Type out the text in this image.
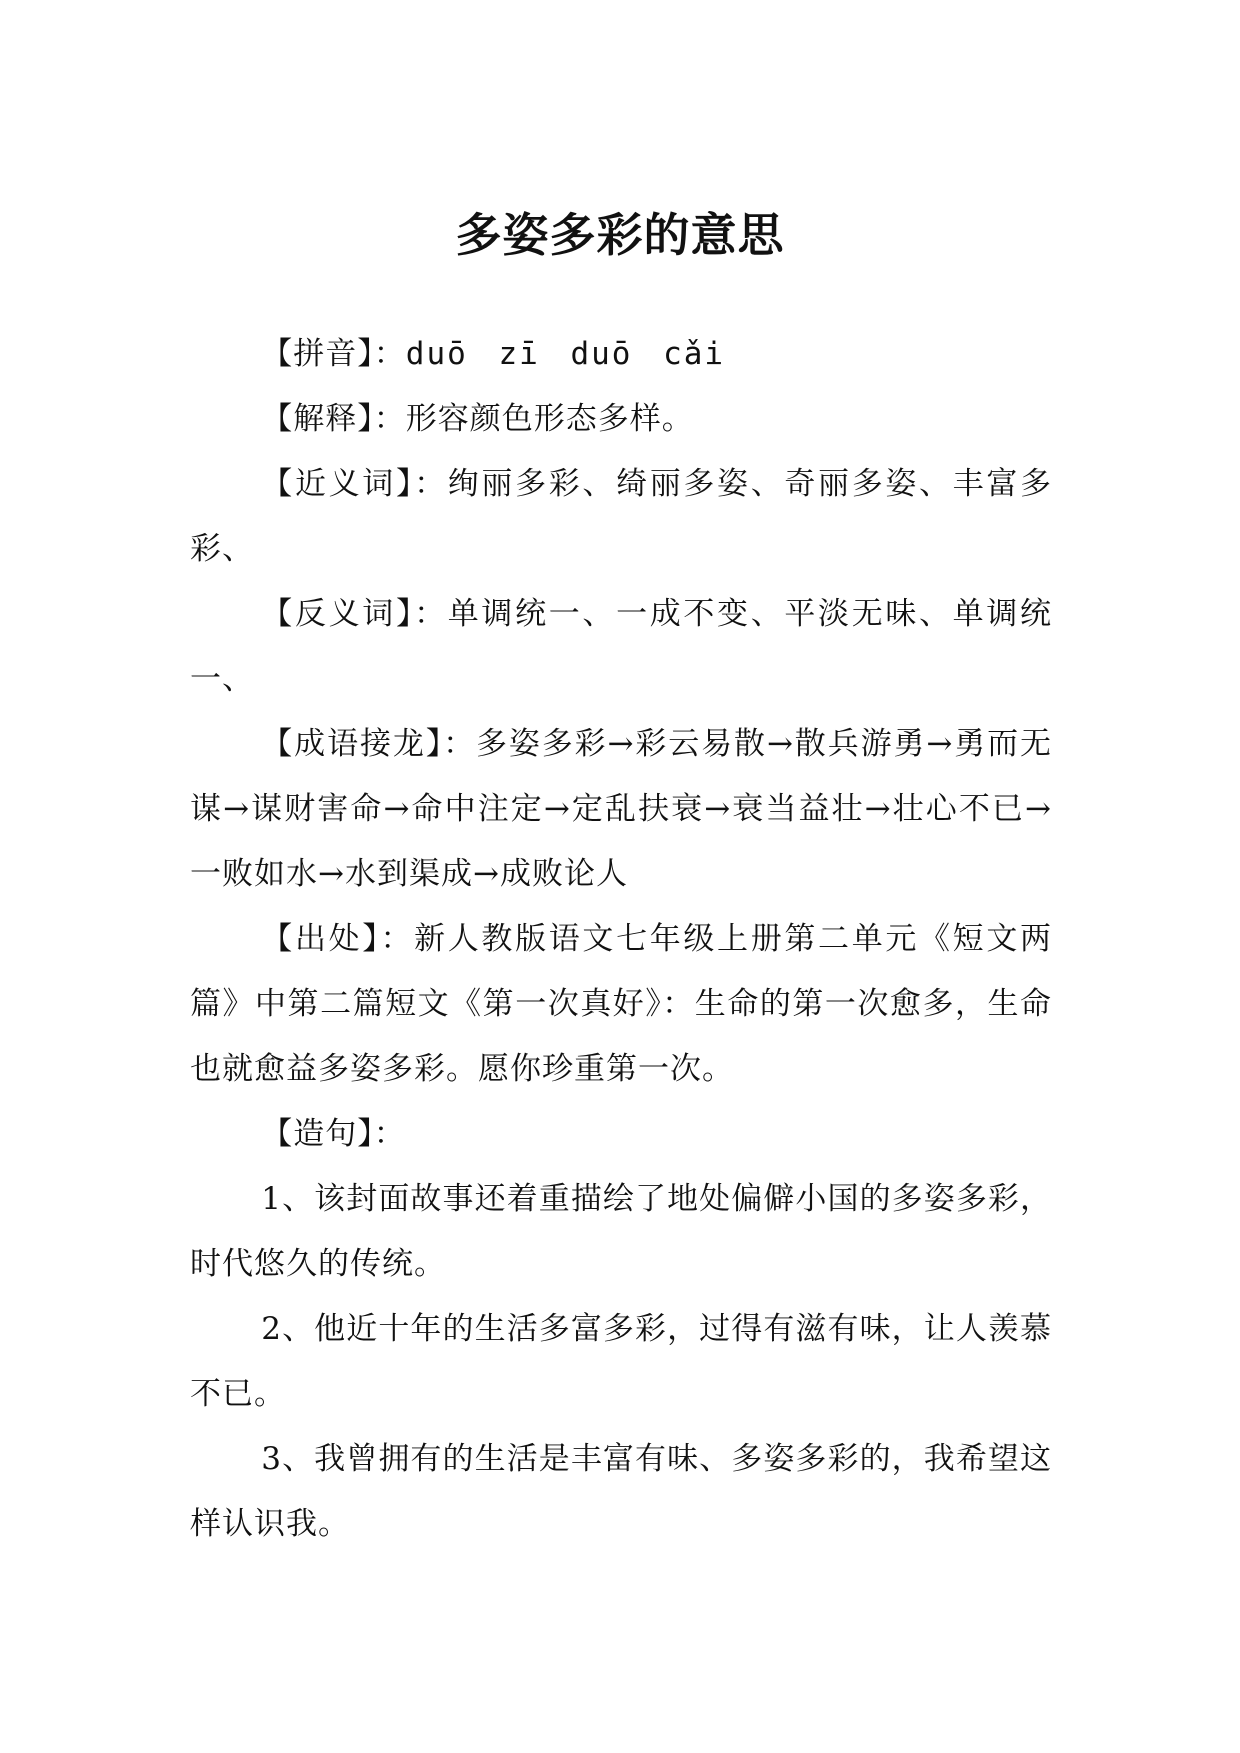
多姿多彩的意思

【拼音】：duō zī duō cǎi

【解释】：形容颜色形态多样。

【近义词】：绚丽多彩、绮丽多姿、奇丽多姿、丰富多彩、

【反义词】：单调统一、一成不变、平淡无味、单调统一、

【成语接龙】：多姿多彩→彩云易散→散兵游勇→勇而无谋→谋财害命→命中注定→定乱扶衰→衰当益壮→壮心不已→一败如水→水到渠成→成败论人

【出处】：新人教版语文七年级上册第二单元《短文两篇》中第二篇短文《第一次真好》：生命的第一次愈多，生命也就愈益多姿多彩。愿你珍重第一次。

【造句】：

1、该封面故事还着重描绘了地处偏僻小国的多姿多彩，时代悠久的传统。

2、他近十年的生活多富多彩，过得有滋有味，让人羡慕不已。

3、我曾拥有的生活是丰富有味、多姿多彩的，我希望这样认识我。
